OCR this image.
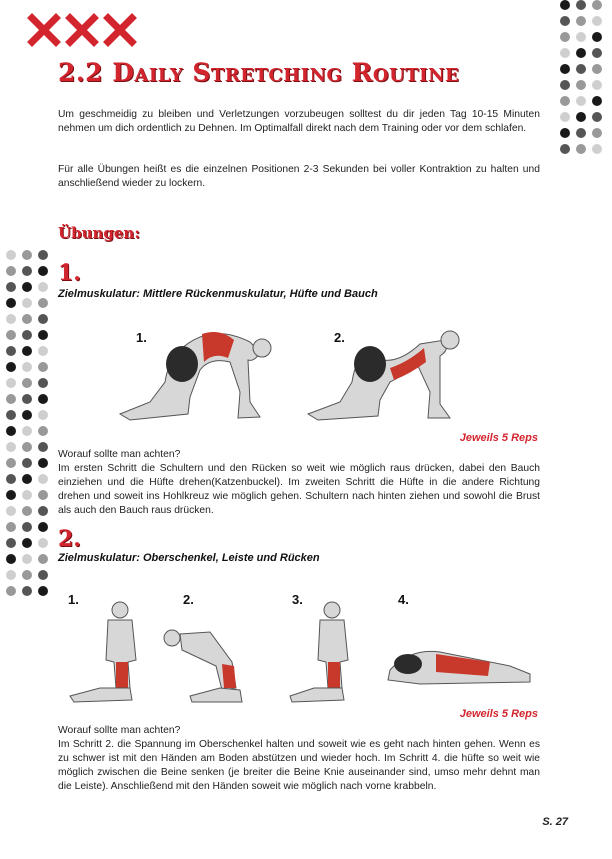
2.2 Daily Stretching Routine
Um geschmeidig zu bleiben und Verletzungen vorzubeugen solltest du dir jeden Tag 10-15 Minuten nehmen um dich ordentlich zu Dehnen. Im Optimalfall direkt nach dem Training oder vor dem schlafen.
Für alle Übungen heißt es die einzelnen Positionen 2-3 Sekunden bei voller Kontraktion zu halten und anschließend wieder zu lockern.
Übungen:
1.
Zielmuskulatur: Mittlere Rückenmuskulatur, Hüfte und Bauch
1.	2.
Jeweils 5 Reps
Worauf sollte man achten?
Im ersten Schritt die Schultern und den Rücken so weit wie möglich raus drücken, dabei den Bauch einziehen und die Hüfte drehen(Katzenbuckel). Im zweiten Schritt die Hüfte in die andere Richtung drehen und soweit ins Hohlkreuz wie möglich gehen. Schultern nach hinten ziehen und sowohl die Brust als auch den Bauch raus drücken.
2.
Zielmuskulatur: Oberschenkel, Leiste und Rücken
1.	2.	3.	4.
Jeweils 5 Reps
Worauf sollte man achten?
Im Schritt 2. die Spannung im Oberschenkel halten und soweit wie es geht nach hinten gehen. Wenn es zu schwer ist mit den Händen am Boden abstützen und wieder hoch. Im Schritt 4. die hüfte so weit wie möglich zwischen die Beine senken (je breiter die Beine Knie auseinander sind, umso mehr dehnt man die Leiste). Anschließend mit den Händen soweit wie möglich nach vorne krabbeln.
S. 27
